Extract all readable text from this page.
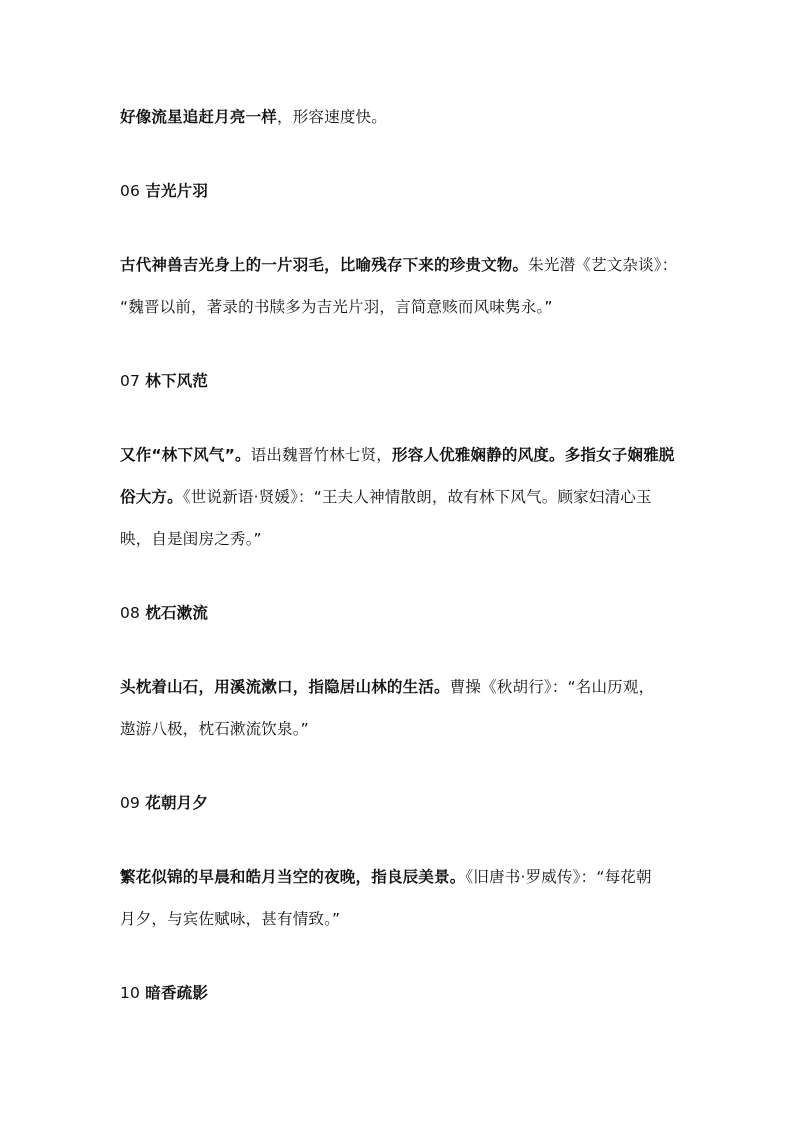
好像流星追赶月亮一样，形容速度快。
06 吉光片羽
古代神兽吉光身上的一片羽毛，比喻残存下来的珍贵文物。朱光潜《艺文杂谈》：
“魏晋以前，著录的书牍多为吉光片羽，言简意赅而风味隽永。”
07 林下风范
又作“林下风气”。语出魏晋竹林七贤，形容人优雅娴静的风度。多指女子娴雅脱
俗大方。《世说新语·贤媛》：“王夫人神情散朗，故有林下风气。顾家妇清心玉
映，自是闺房之秀。”
08 枕石漱流
头枕着山石，用溪流漱口，指隐居山林的生活。曹操《秋胡行》：“名山历观，
遨游八极，枕石漱流饮泉。”
09 花朝月夕
繁花似锦的早晨和皓月当空的夜晚，指良辰美景。《旧唐书·罗威传》：“每花朝
月夕，与宾佐赋咏，甚有情致。”
10 暗香疏影
